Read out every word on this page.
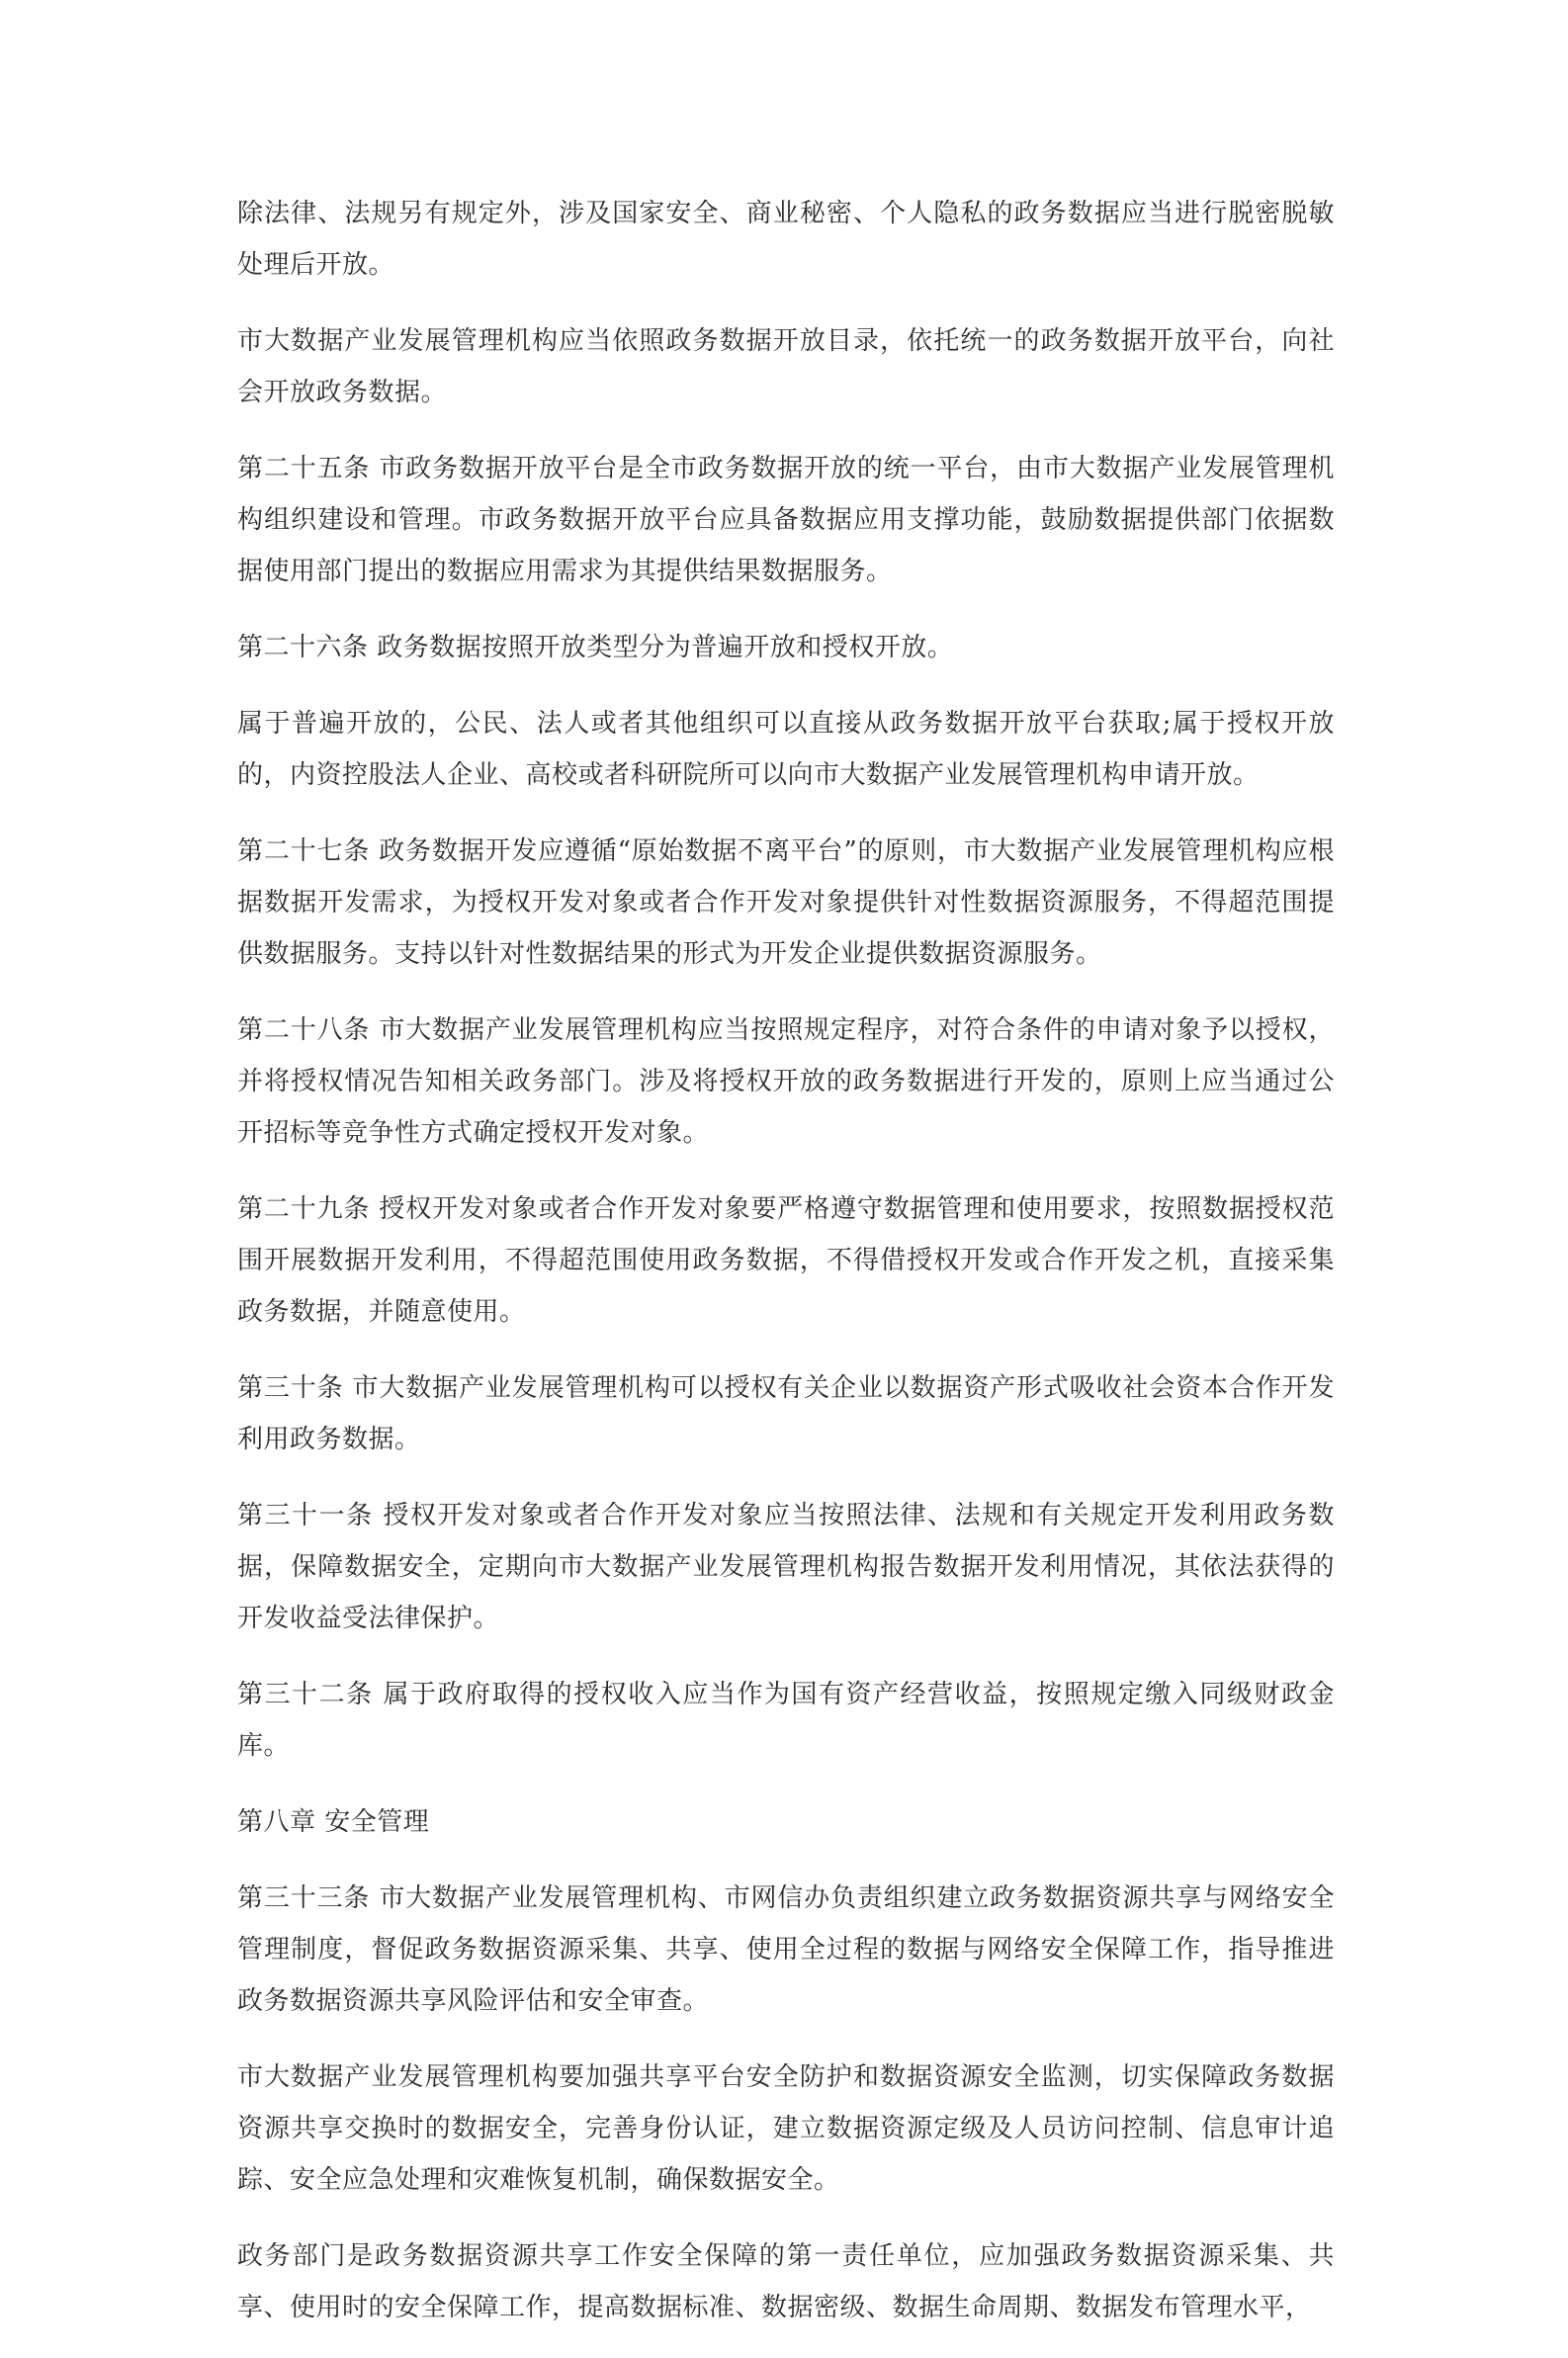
除法律、法规另有规定外，涉及国家安全、商业秘密、个人隐私的政务数据应当进行脱密脱敏处理后开放。

市大数据产业发展管理机构应当依照政务数据开放目录，依托统一的政务数据开放平台，向社会开放政务数据。

第二十五条 市政务数据开放平台是全市政务数据开放的统一平台，由市大数据产业发展管理机构组织建设和管理。市政务数据开放平台应具备数据应用支撑功能，鼓励数据提供部门依据数据使用部门提出的数据应用需求为其提供结果数据服务。

第二十六条 政务数据按照开放类型分为普遍开放和授权开放。

属于普遍开放的，公民、法人或者其他组织可以直接从政务数据开放平台获取;属于授权开放的，内资控股法人企业、高校或者科研院所可以向市大数据产业发展管理机构申请开放。

第二十七条 政务数据开发应遵循“原始数据不离平台”的原则，市大数据产业发展管理机构应根据数据开发需求，为授权开发对象或者合作开发对象提供针对性数据资源服务，不得超范围提供数据服务。支持以针对性数据结果的形式为开发企业提供数据资源服务。

第二十八条 市大数据产业发展管理机构应当按照规定程序，对符合条件的申请对象予以授权，并将授权情况告知相关政务部门。涉及将授权开放的政务数据进行开发的，原则上应当通过公开招标等竞争性方式确定授权开发对象。

第二十九条 授权开发对象或者合作开发对象要严格遵守数据管理和使用要求，按照数据授权范围开展数据开发利用，不得超范围使用政务数据，不得借授权开发或合作开发之机，直接采集政务数据，并随意使用。

第三十条 市大数据产业发展管理机构可以授权有关企业以数据资产形式吸收社会资本合作开发利用政务数据。

第三十一条 授权开发对象或者合作开发对象应当按照法律、法规和有关规定开发利用政务数据，保障数据安全，定期向市大数据产业发展管理机构报告数据开发利用情况，其依法获得的开发收益受法律保护。

第三十二条 属于政府取得的授权收入应当作为国有资产经营收益，按照规定缴入同级财政金库。

第八章 安全管理

第三十三条 市大数据产业发展管理机构、市网信办负责组织建立政务数据资源共享与网络安全管理制度，督促政务数据资源采集、共享、使用全过程的数据与网络安全保障工作，指导推进政务数据资源共享风险评估和安全审查。

市大数据产业发展管理机构要加强共享平台安全防护和数据资源安全监测，切实保障政务数据资源共享交换时的数据安全，完善身份认证，建立数据资源定级及人员访问控制、信息审计追踪、安全应急处理和灾难恢复机制，确保数据安全。

政务部门是政务数据资源共享工作安全保障的第一责任单位，应加强政务数据资源采集、共享、使用时的安全保障工作，提高数据标准、数据密级、数据生命周期、数据发布管理水平，
